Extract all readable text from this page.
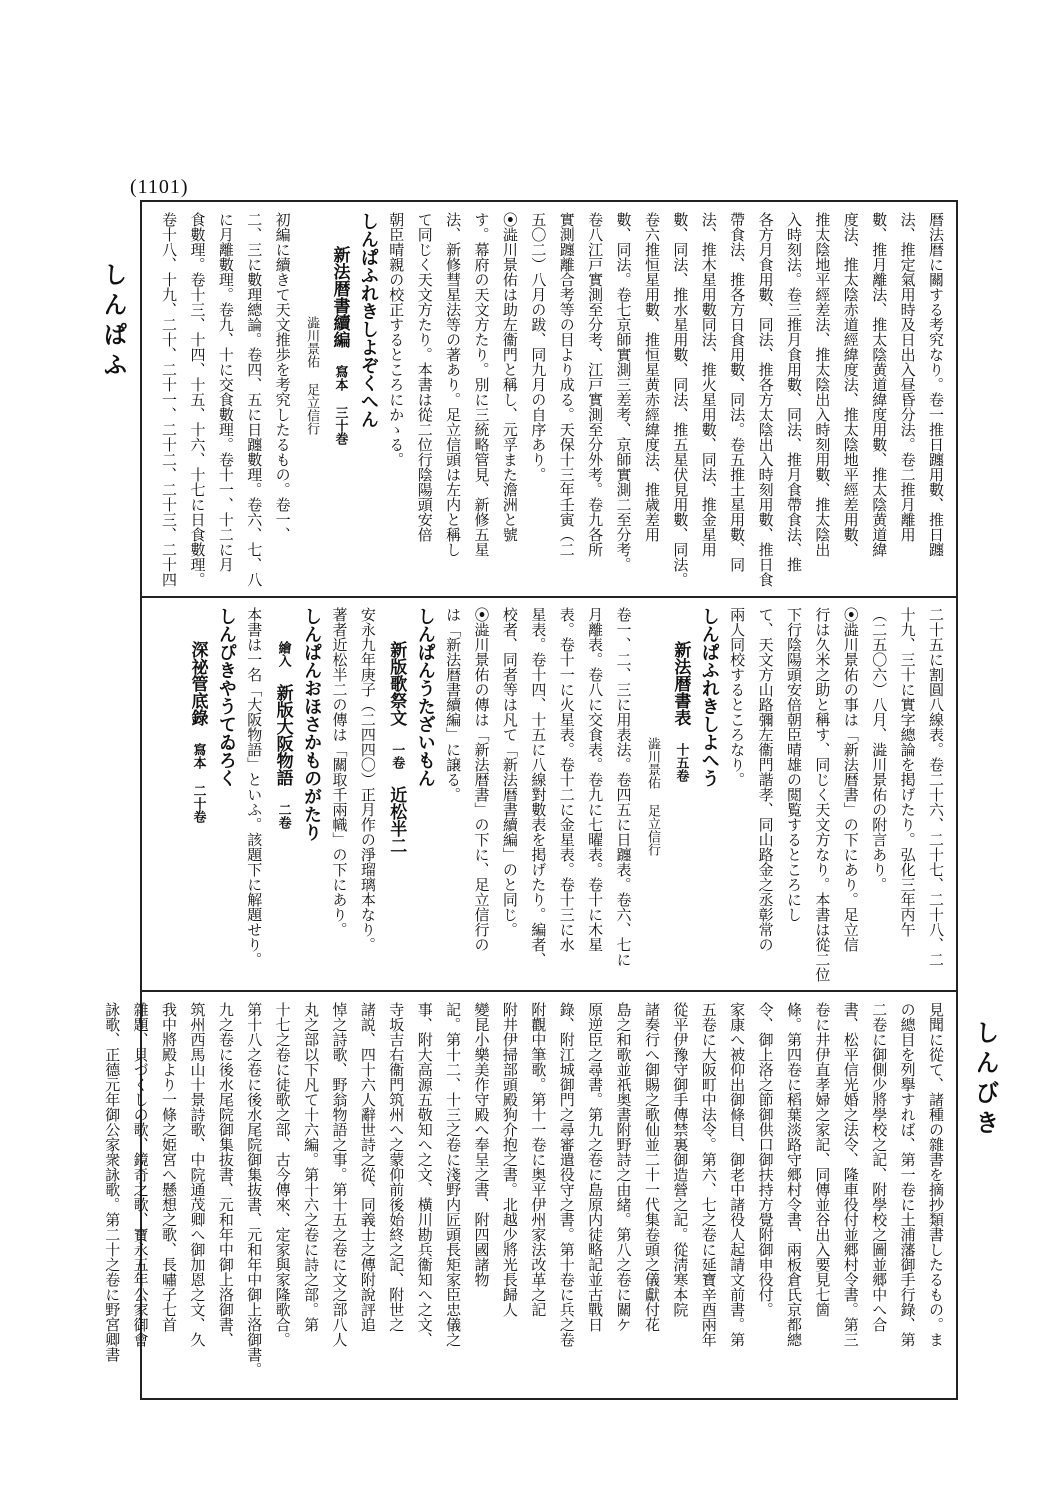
(1101)
しんぱふ
しんびき
暦法暦に關する考究なり。卷一推日躔用數、推日躔
法、推定氣用時及日出入昼昏分法。卷二推月離用
數、推月離法、推太陰黄道緯度用數、推太陰黄道緯
度法、推太陰赤道經緯度法、推太陰地平經差用數、
推太陰地平經差法、推太陰出入時刻用數、推太陰出
入時刻法。卷三推月食用數、同法、推月食帶食法、推
各方月食用數、同法、推各方太陰出入時刻用數、推日食
帶食法、推各方日食用數、同法。卷五推土星用數、同
法、推木星用數同法、推火星用數、同法、推金星用
數、同法、推水星用數、同法、推五星伏見用數、同法。
卷六推恒星用數、推恒星黄赤經緯度法、推歳差用
數、同法。卷七京師實測三差考、京師實測二至分考。
卷八江戸實測至分考、江戸實測至分外考。卷九各所
實測躔離合考等の目より成る。天保十三年壬寅（二
五〇二）八月の跋、同九月の自序あり。
⦿澁川景佑は助左衞門と稱し、元孚また澹洲と號
す。幕府の天文方たり。別に三統略管見、新修五星
法、新修彗星法等の著あり。足立信頭は左内と稱し
て同じく天文方たり。本書は從二位行陰陽頭安倍
朝臣晴親の校正するところにかゝる。
しんぱふれきしよぞくへん
新法暦書續編　寫本 三十巻
澁川景佑 足立信行
初編に續きて天文推歩を考究したるもの。卷一、
二、三に數理總論。卷四、五に日躔數理。卷六、七、八
に月離數理。卷九、十に交食數理。卷十一、十二に月
食數理。卷十三、十四、十五、十六、十七に日食數理。
卷十八、十九、二十、二十一、二十二、二十三、二十四
二十五に割圓八線表。卷二十六、二十七、二十八、二
十九、三十に實字總論を掲げたり。弘化三年丙午
（二五〇六）八月、澁川景佑の附言あり。
⦿澁川景佑の事は「新法暦書」の下にあり。足立信
行は久米之助と稱す、同じく天文方なり。本書は從二位
下行陰陽頭安倍朝臣晴雄の閲覧するところにし
て、天文方山路彌左衞門諧孝、同山路金之丞彰常の
兩人同校するところなり。
しんぱふれきしよへう
新法暦書表　十五卷
澁川景佑 足立信行
卷一、二、三に用表法。卷四五に日躔表。卷六、七に
月離表。卷八に交食表。卷九に七曜表。卷十に木星
表。卷十一に火星表。卷十二に金星表。卷十三に水
星表。卷十四、十五に八線對數表を掲げたり。編者、
校者、同者等は凡て「新法暦書續編」のと同じ。
⦿澁川景佑の傳は「新法暦書」の下に、足立信行の
は「新法暦書續編」に譲る。
しんぱんうたざいもん
新版歌祭文　一卷　近松半二
安永九年庚子（二四四〇）正月作の淨瑠璃本なり。
著者近松半二の傳は「關取千兩幟」の下にあり。
しんぱんおほさかものがたり
繪入　新版大阪物語　二卷
本書は一名「大阪物語」といふ。該題下に解題せり。
しんぴきやうてゐろく
深祕管底錄　寫本 二十卷
見聞に從て、諸種の雜書を摘抄類書したるもの。ま
の總目を列擧すれば、第一卷に土浦藩御手行錄、第
二卷に御側少將學校之記、附學校之圖並郷中へ合
書、松平信光婚之法令、隆車役付並郷村令書。第三
卷に井伊直孝婦之家記、同傳並谷出入要見七箇
條。第四卷に稻葉淡路守郷村令書、兩板倉氏京都總
令、御上洛之節御供口御扶持方覺附御申役付。
家康へ被仰出御條目、御老中諸役人起請文前書。第
五卷に大阪町中法令。第六、七之卷に延寶辛酉兩年
從平伊豫守御手傳禁裏御造營之記。從淸寒本院
諸奏行へ御賜之歌仙並二十一代集卷頭之儀獻付花
島之和歌並祇奥書附野詩之由緒。第八之卷に關ケ
原逆臣之尋書。第九之卷に島原内徒略記並古戰日
錄、附江城御門之尋審遣役守之書。第十卷に兵之卷
附觀中筆歌。第十一卷に奥平伊州家法改革之記
附井伊掃部頭殿狗介抱之書。北越少將光長歸人
變昆小樂美作守殿へ奉呈之書、附四國諸物
記。第十二、十三之卷に淺野内匠頭長矩家臣忠儀之
事、附大高源五敬知へ之文、橫川勘兵衞知へ之文、
寺坂吉右衞門筑州へ之蒙仰前後始終之記、附世之
諸説、四十六人辭世詩之從、同義士之傳附說評追
悼之詩歌、野翁物語之事。第十五之卷に文之部八人
丸之部以下凡て十六編。第十六之卷に詩之部。第
十七之卷に徒歌之部、古今傳來、定家與家隆歌合。
第十八之卷に後水尾院御集抜書、元和年中御上洛御書。
九之卷に後水尾院御集抜書、元和年中御上洛御書、
筑州西馬山十景詩歌、中院通茂卿へ御加恩之文、久
我中將殿より一條之姫宮へ懸想之歌、長嘯子七首
雜題、貝づくしの歌、鏡奇之歌、寶永五年公家御會
詠歌、正德元年御公家衆詠歌。第二十之卷に野宮卿書
